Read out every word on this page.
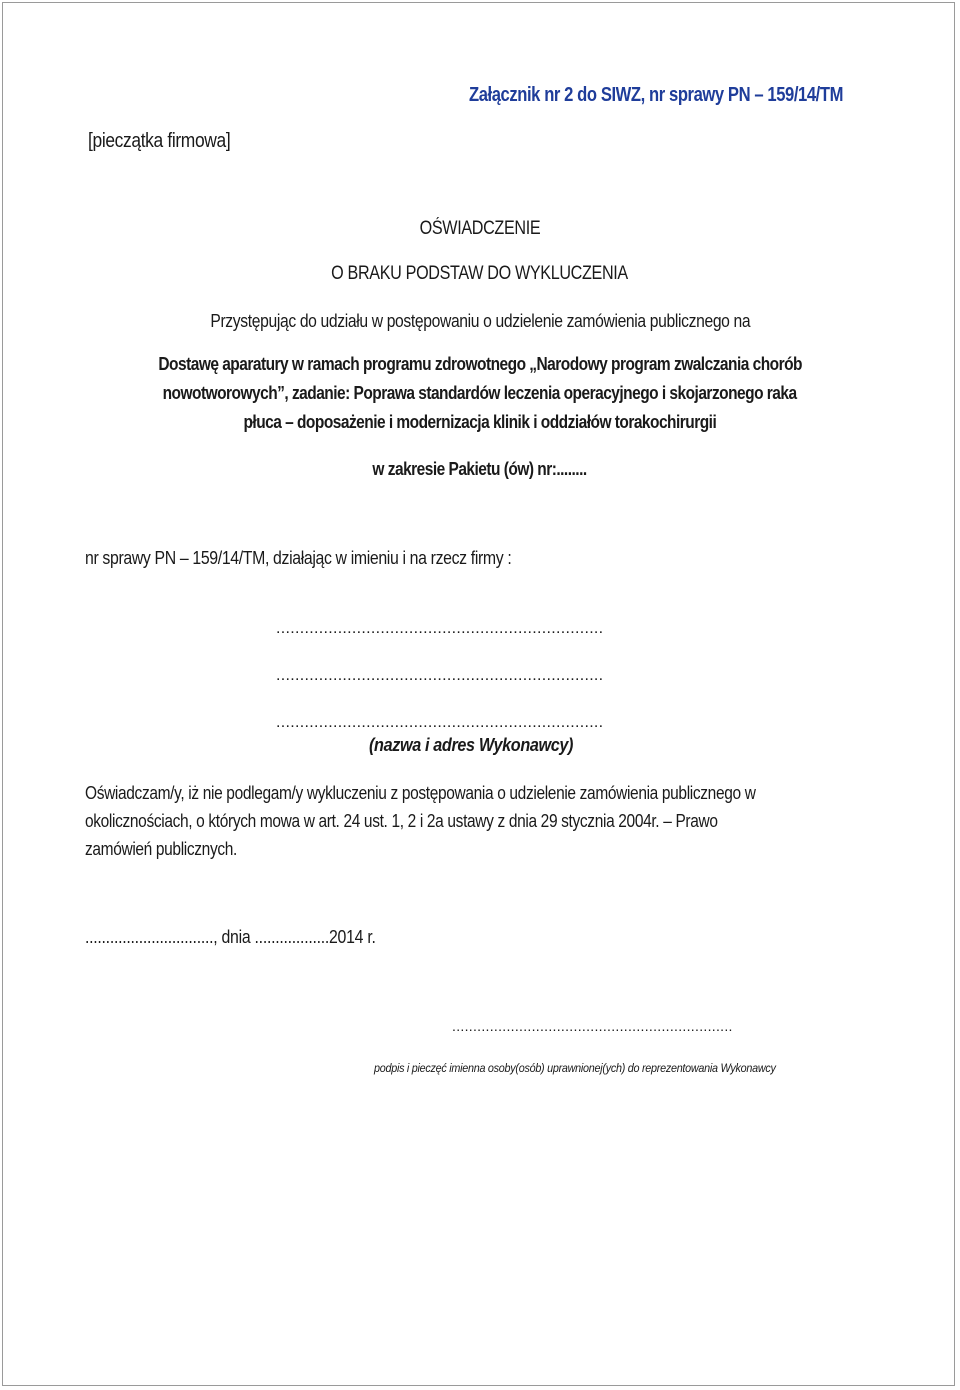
Załącznik nr 2 do SIWZ, nr sprawy PN – 159/14/TM
[pieczątka firmowa]
OŚWIADCZENIE
O BRAKU PODSTAW DO WYKLUCZENIA
Przystępując do udziału w postępowaniu o udzielenie zamówienia publicznego na
Dostawę aparatury w ramach programu zdrowotnego „Narodowy program zwalczania chorób
nowotworowych”, zadanie: Poprawa standardów leczenia operacyjnego i skojarzonego raka
płuca – doposażenie i modernizacja klinik i oddziałów torakochirurgii
w zakresie Pakietu (ów) nr:........
nr sprawy PN – 159/14/TM, działając w imieniu i na rzecz firmy :
.....................................................................
.....................................................................
.....................................................................
(nazwa i adres Wykonawcy)
Oświadczam/y, iż nie podlegam/y wykluczeniu z postępowania o udzielenie zamówienia publicznego w
okolicznościach, o których mowa w art. 24 ust. 1, 2 i 2a ustawy z dnia 29 stycznia 2004r. – Prawo
zamówień publicznych.
..............................., dnia ..................2014 r.
...................................................................
podpis i pieczęć imienna osoby(osób) uprawnionej(ych) do reprezentowania Wykonawcy
